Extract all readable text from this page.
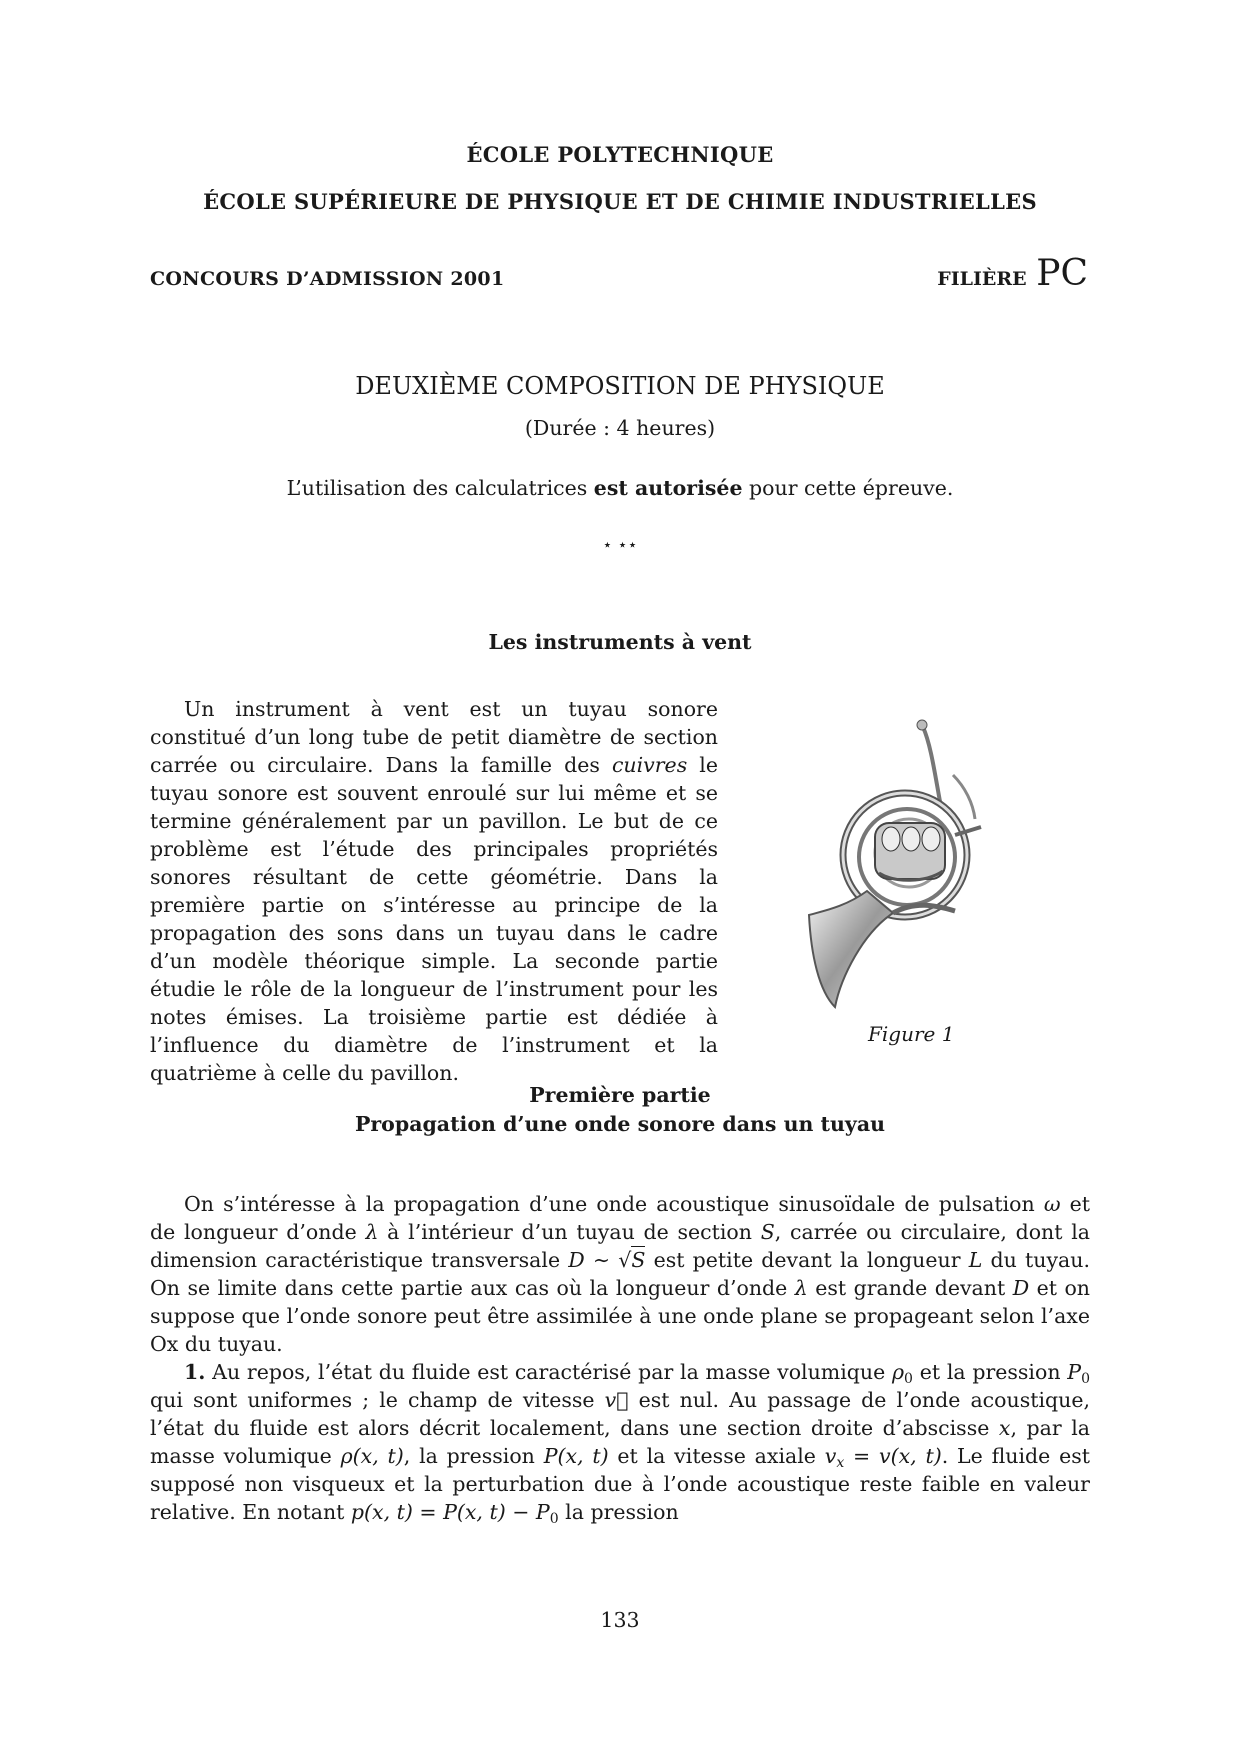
ÉCOLE POLYTECHNIQUE
ÉCOLE SUPÉRIEURE DE PHYSIQUE ET DE CHIMIE INDUSTRIELLES
CONCOURS D’ADMISSION 2001	FILIÈRE PC
DEUXIÈME COMPOSITION DE PHYSIQUE
(Durée : 4 heures)
L’utilisation des calculatrices est autorisée pour cette épreuve.
⋆ ⋆⋆
Les instruments à vent

Un instrument à vent est un tuyau sonore constitué d’un long tube de petit diamètre de section carrée ou circulaire. Dans la famille des cuivres le tuyau sonore est souvent enroulé sur lui même et se termine généralement par un pavillon. Le but de ce problème est l’étude des principales propriétés sonores résultant de cette géométrie. Dans la première partie on s’intéresse au principe de la propagation des sons dans un tuyau dans le cadre d’un modèle théorique simple. La seconde partie étudie le rôle de la longueur de l’instrument pour les notes émises. La troisième partie est dédiée à l’influence du diamètre de l’instrument et la quatrième à celle du pavillon.

Figure 1
Première partie
Propagation d’une onde sonore dans un tuyau

On s’intéresse à la propagation d’une onde acoustique sinusoïdale de pulsation ω et de longueur d’onde λ à l’intérieur d’un tuyau de section S, carrée ou circulaire, dont la dimension caractéristique transversale D ∼ √S est petite devant la longueur L du tuyau. On se limite dans cette partie aux cas où la longueur d’onde λ est grande devant D et on suppose que l’onde sonore peut être assimilée à une onde plane se propageant selon l’axe Ox du tuyau.

1. Au repos, l’état du fluide est caractérisé par la masse volumique $\rho_0$ et la pression $P_0$ qui sont uniformes ; le champ de vitesse v⃗ est nul. Au passage de l’onde acoustique, l’état du fluide est alors décrit localement, dans une section droite d’abscisse x, par la masse volumique ρ(x, t), la pression P(x, t) et la vitesse axiale $v_x = v(x$, t). Le fluide est supposé non visqueux et la perturbation due à l’onde acoustique reste faible en valeur relative. En notant p(x, t) = P(x, $t) - P_0$ la pression

133
